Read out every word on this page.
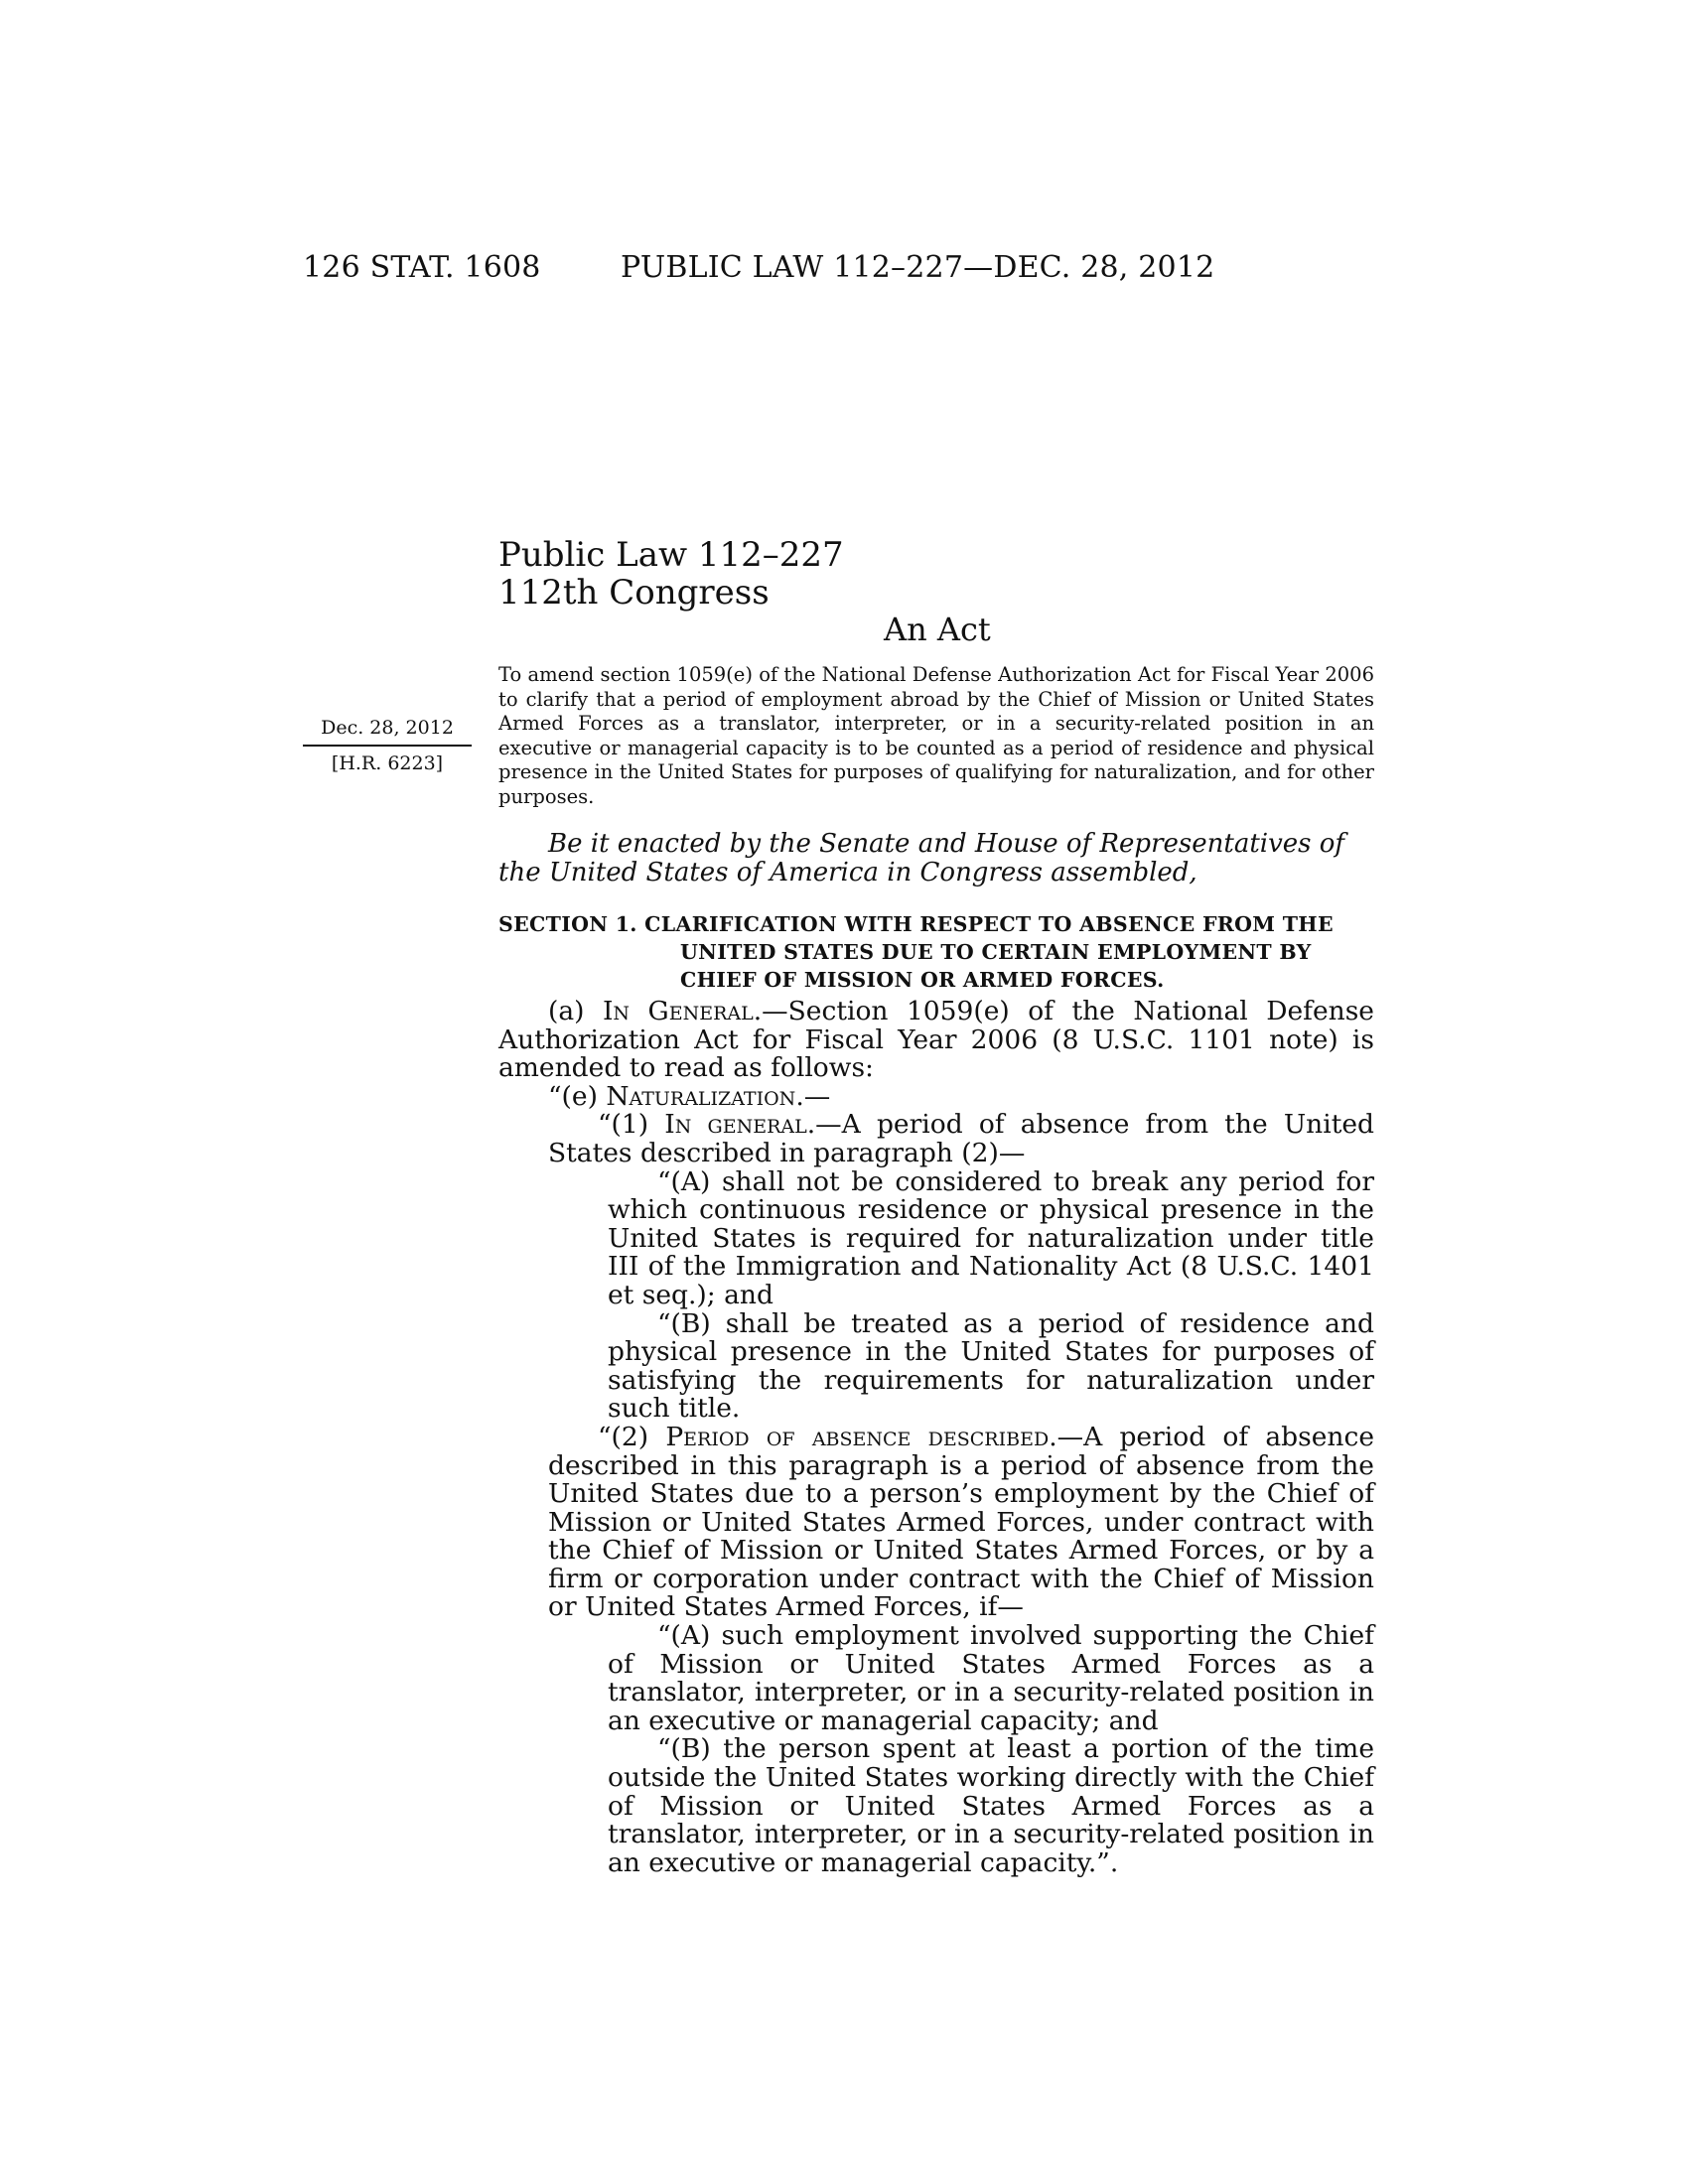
126 STAT. 1608	PUBLIC LAW 112–227—DEC. 28, 2012
Public Law 112–227
112th Congress
An Act
Dec. 28, 2012
[H.R. 6223]
To amend section 1059(e) of the National Defense Authorization Act for Fiscal Year 2006 to clarify that a period of employment abroad by the Chief of Mission or United States Armed Forces as a translator, interpreter, or in a security-related position in an executive or managerial capacity is to be counted as a period of residence and physical presence in the United States for purposes of qualifying for naturalization, and for other purposes.
Be it enacted by the Senate and House of Representatives of the United States of America in Congress assembled,
SECTION 1. CLARIFICATION WITH RESPECT TO ABSENCE FROM THE
UNITED STATES DUE TO CERTAIN EMPLOYMENT BY
CHIEF OF MISSION OR ARMED FORCES.

(a) In General.—Section 1059(e) of the National Defense Authorization Act for Fiscal Year 2006 (8 U.S.C. 1101 note) is amended to read as follows:

“(e) Naturalization.—

“(1) In general.—A period of absence from the United States described in paragraph (2)—

“(A) shall not be considered to break any period for which continuous residence or physical presence in the United States is required for naturalization under title III of the Immigration and Nationality Act (8 U.S.C. 1401 et seq.); and

“(B) shall be treated as a period of residence and physical presence in the United States for purposes of satisfying the requirements for naturalization under such title.

“(2) Period of absence described.—A period of absence described in this paragraph is a period of absence from the United States due to a person’s employment by the Chief of Mission or United States Armed Forces, under contract with the Chief of Mission or United States Armed Forces, or by a firm or corporation under contract with the Chief of Mission or United States Armed Forces, if—

“(A) such employment involved supporting the Chief of Mission or United States Armed Forces as a translator, interpreter, or in a security-related position in an executive or managerial capacity; and

“(B) the person spent at least a portion of the time outside the United States working directly with the Chief of Mission or United States Armed Forces as a translator, interpreter, or in a security-related position in an executive or managerial capacity.”.
